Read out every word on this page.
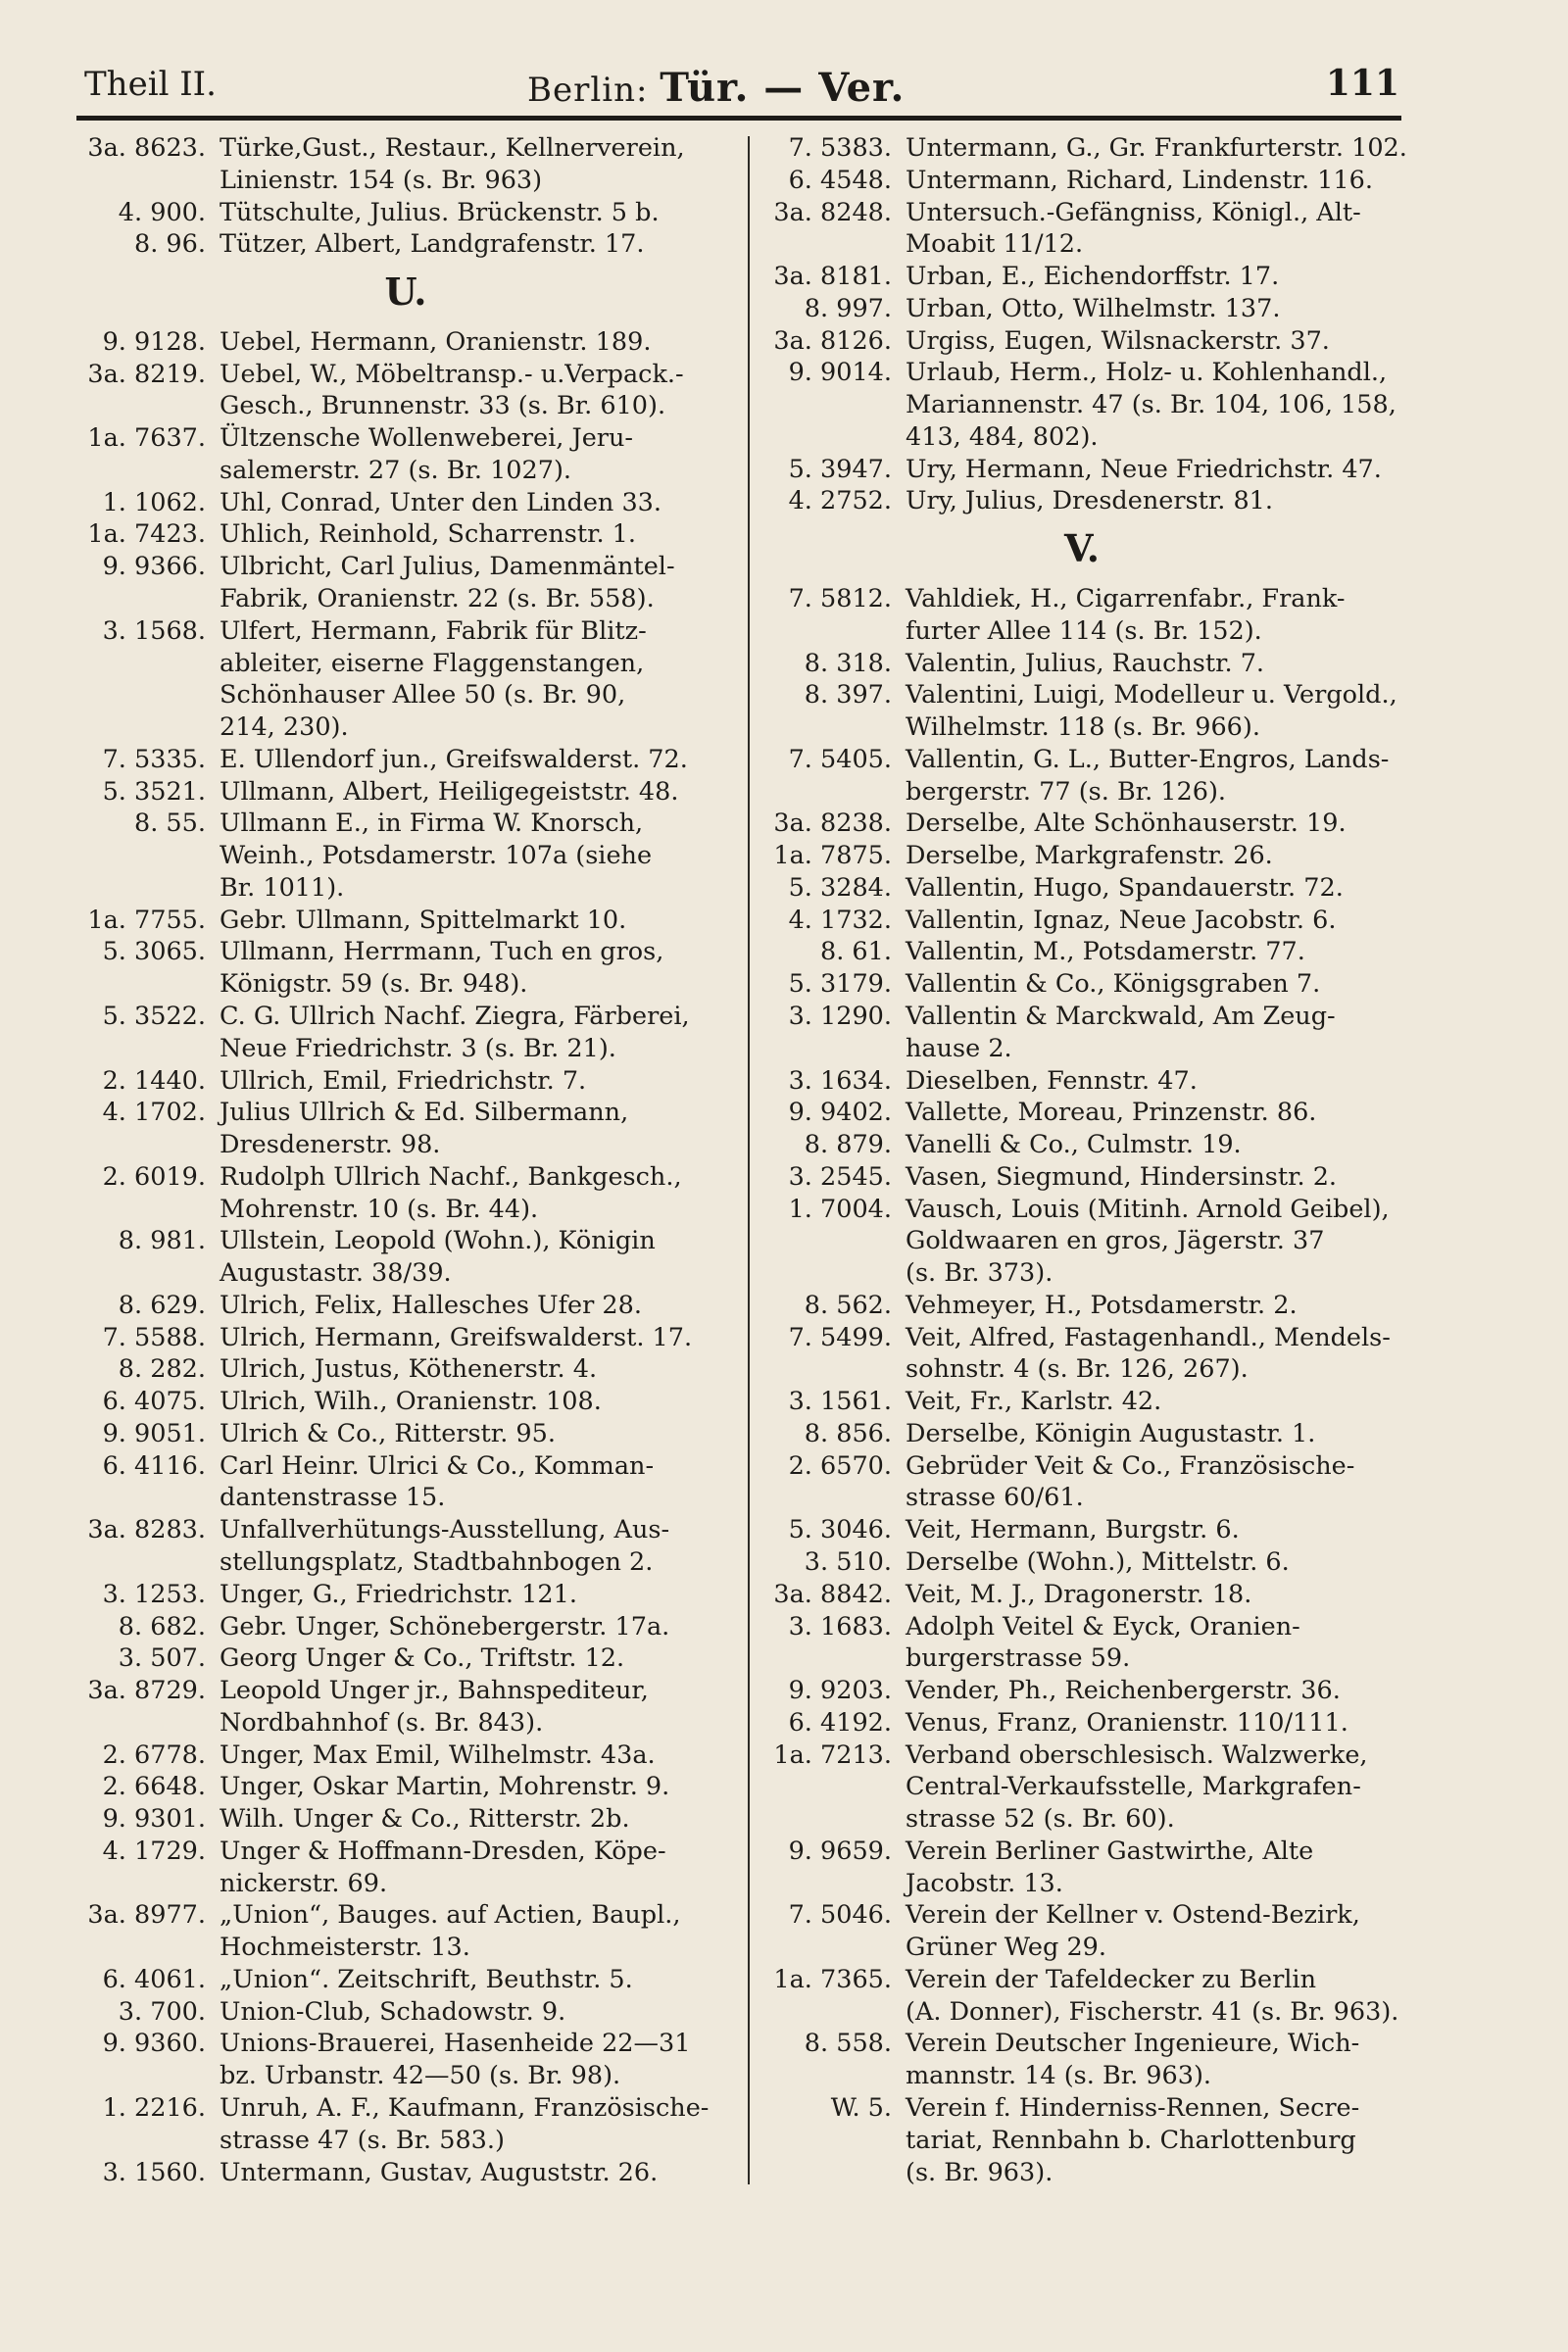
Theil II.	Berlin: Tür. — Ver.	111
3a. 8623. Türke,Gust., Restaur., Kellnerverein,
Linienstr. 154 (s. Br. 963)
4. 900. Tütschulte, Julius. Brückenstr. 5 b.
8. 96. Tützer, Albert, Landgrafenstr. 17.
U.
9. 9128. Uebel, Hermann, Oranienstr. 189.
3a. 8219. Uebel, W., Möbeltransp.- u.Verpack.-
Gesch., Brunnenstr. 33 (s. Br. 610).
1a. 7637. Ültzensche Wollenweberei, Jeru-
salemerstr. 27 (s. Br. 1027).
1. 1062. Uhl, Conrad, Unter den Linden 33.
1a. 7423. Uhlich, Reinhold, Scharrenstr. 1.
9. 9366. Ulbricht, Carl Julius, Damenmäntel-
Fabrik, Oranienstr. 22 (s. Br. 558).
3. 1568. Ulfert, Hermann, Fabrik für Blitz-
ableiter, eiserne Flaggenstangen,
Schönhauser Allee 50 (s. Br. 90,
214, 230).
7. 5335. E. Ullendorf jun., Greifswalderst. 72.
5. 3521. Ullmann, Albert, Heiligegeiststr. 48.
8. 55. Ullmann E., in Firma W. Knorsch,
Weinh., Potsdamerstr. 107a (siehe
Br. 1011).
1a. 7755. Gebr. Ullmann, Spittelmarkt 10.
5. 3065. Ullmann, Herrmann, Tuch en gros,
Königstr. 59 (s. Br. 948).
5. 3522. C. G. Ullrich Nachf. Ziegra, Färberei,
Neue Friedrichstr. 3 (s. Br. 21).
2. 1440. Ullrich, Emil, Friedrichstr. 7.
4. 1702. Julius Ullrich & Ed. Silbermann,
Dresdenerstr. 98.
2. 6019. Rudolph Ullrich Nachf., Bankgesch.,
Mohrenstr. 10 (s. Br. 44).
8. 981. Ullstein, Leopold (Wohn.), Königin
Augustastr. 38/39.
8. 629. Ulrich, Felix, Hallesches Ufer 28.
7. 5588. Ulrich, Hermann, Greifswalderst. 17.
8. 282. Ulrich, Justus, Köthenerstr. 4.
6. 4075. Ulrich, Wilh., Oranienstr. 108.
9. 9051. Ulrich & Co., Ritterstr. 95.
6. 4116. Carl Heinr. Ulrici & Co., Komman-
dantenstrasse 15.
3a. 8283. Unfallverhütungs-Ausstellung, Aus-
stellungsplatz, Stadtbahnbogen 2.
3. 1253. Unger, G., Friedrichstr. 121.
8. 682. Gebr. Unger, Schönebergerstr. 17a.
3. 507. Georg Unger & Co., Triftstr. 12.
3a. 8729. Leopold Unger jr., Bahnspediteur,
Nordbahnhof (s. Br. 843).
2. 6778. Unger, Max Emil, Wilhelmstr. 43a.
2. 6648. Unger, Oskar Martin, Mohrenstr. 9.
9. 9301. Wilh. Unger & Co., Ritterstr. 2b.
4. 1729. Unger & Hoffmann-Dresden, Köpe-
nickerstr. 69.
3a. 8977. „Union“, Bauges. auf Actien, Baupl.,
Hochmeisterstr. 13.
6. 4061. „Union“. Zeitschrift, Beuthstr. 5.
3. 700. Union-Club, Schadowstr. 9.
9. 9360. Unions-Brauerei, Hasenheide 22—31
bz. Urbanstr. 42—50 (s. Br. 98).
1. 2216. Unruh, A. F., Kaufmann, Französische-
strasse 47 (s. Br. 583.)
3. 1560. Untermann, Gustav, Auguststr. 26.
7. 5383. Untermann, G., Gr. Frankfurterstr. 102.
6. 4548. Untermann, Richard, Lindenstr. 116.
3a. 8248. Untersuch.-Gefängniss, Königl., Alt-
Moabit 11/12.
3a. 8181. Urban, E., Eichendorffstr. 17.
8. 997. Urban, Otto, Wilhelmstr. 137.
3a. 8126. Urgiss, Eugen, Wilsnackerstr. 37.
9. 9014. Urlaub, Herm., Holz- u. Kohlenhandl.,
Mariannenstr. 47 (s. Br. 104, 106, 158,
413, 484, 802).
5. 3947. Ury, Hermann, Neue Friedrichstr. 47.
4. 2752. Ury, Julius, Dresdenerstr. 81.
V.
7. 5812. Vahldiek, H., Cigarrenfabr., Frank-
furter Allee 114 (s. Br. 152).
8. 318. Valentin, Julius, Rauchstr. 7.
8. 397. Valentini, Luigi, Modelleur u. Vergold.,
Wilhelmstr. 118 (s. Br. 966).
7. 5405. Vallentin, G. L., Butter-Engros, Lands-
bergerstr. 77 (s. Br. 126).
3a. 8238. Derselbe, Alte Schönhauserstr. 19.
1a. 7875. Derselbe, Markgrafenstr. 26.
5. 3284. Vallentin, Hugo, Spandauerstr. 72.
4. 1732. Vallentin, Ignaz, Neue Jacobstr. 6.
8. 61. Vallentin, M., Potsdamerstr. 77.
5. 3179. Vallentin & Co., Königsgraben 7.
3. 1290. Vallentin & Marckwald, Am Zeug-
hause 2.
3. 1634. Dieselben, Fennstr. 47.
9. 9402. Vallette, Moreau, Prinzenstr. 86.
8. 879. Vanelli & Co., Culmstr. 19.
3. 2545. Vasen, Siegmund, Hindersinstr. 2.
1. 7004. Vausch, Louis (Mitinh. Arnold Geibel),
Goldwaaren en gros, Jägerstr. 37
(s. Br. 373).
8. 562. Vehmeyer, H., Potsdamerstr. 2.
7. 5499. Veit, Alfred, Fastagenhandl., Mendels-
sohnstr. 4 (s. Br. 126, 267).
3. 1561. Veit, Fr., Karlstr. 42.
8. 856. Derselbe, Königin Augustastr. 1.
2. 6570. Gebrüder Veit & Co., Französische-
strasse 60/61.
5. 3046. Veit, Hermann, Burgstr. 6.
3. 510. Derselbe (Wohn.), Mittelstr. 6.
3a. 8842. Veit, M. J., Dragonerstr. 18.
3. 1683. Adolph Veitel & Eyck, Oranien-
burgerstrasse 59.
9. 9203. Vender, Ph., Reichenbergerstr. 36.
6. 4192. Venus, Franz, Oranienstr. 110/111.
1a. 7213. Verband oberschlesisch. Walzwerke,
Central-Verkaufsstelle, Markgrafen-
strasse 52 (s. Br. 60).
9. 9659. Verein Berliner Gastwirthe, Alte
Jacobstr. 13.
7. 5046. Verein der Kellner v. Ostend-Bezirk,
Grüner Weg 29.
1a. 7365. Verein der Tafeldecker zu Berlin
(A. Donner), Fischerstr. 41 (s. Br. 963).
8. 558. Verein Deutscher Ingenieure, Wich-
mannstr. 14 (s. Br. 963).
W. 5. Verein f. Hinderniss-Rennen, Secre-
tariat, Rennbahn b. Charlottenburg
(s. Br. 963).
